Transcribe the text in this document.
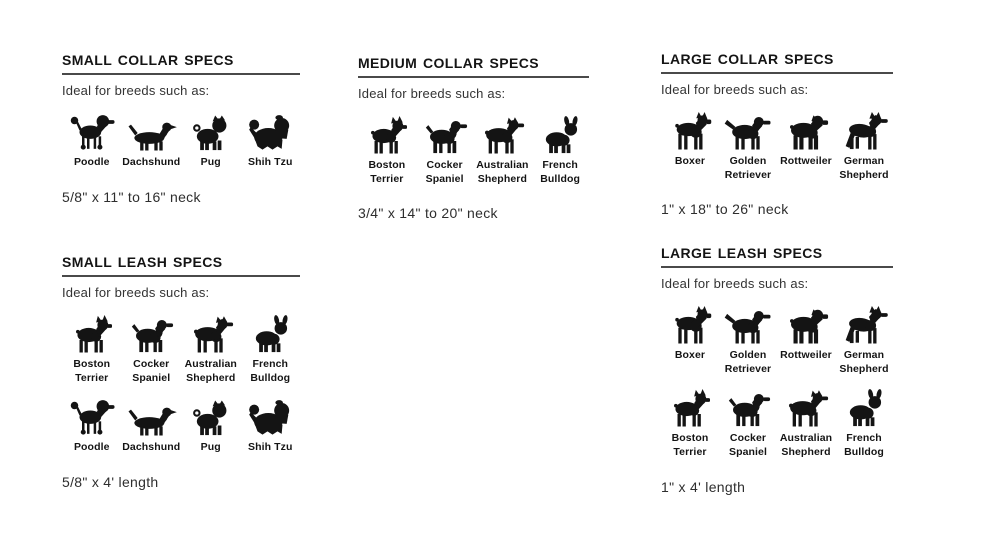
SMALL COLLAR SPECS

Ideal for breeds such as:

Poodle Dachshund Pug	Shih Tzu

5/8" x 11" to 16" neck

MEDIUM COLLAR SPECS

Ideal for breeds such as:

Boston Terrier
Cocker Spaniel
Australian Shepherd
French Bulldog

3/4" x 14" to 20" neck

LARGE COLLAR SPECS

Ideal for breeds such as:

Boxer	Golden Retriever
Rottweiler	German Shepherd

1" x 18" to 26" neck

SMALL LEASH SPECS

Ideal for breeds such as:

Boston Terrier
Cocker Spaniel
Australian Shepherd
French Bulldog
Poodle Dachshund Pug	Shih Tzu

5/8" x 4' length

LARGE LEASH SPECS

Ideal for breeds such as:

Boxer	Golden Retriever
Rottweiler	German Shepherd
Boston Terrier
Cocker Spaniel
Australian Shepherd
French Bulldog

1" x 4' length
